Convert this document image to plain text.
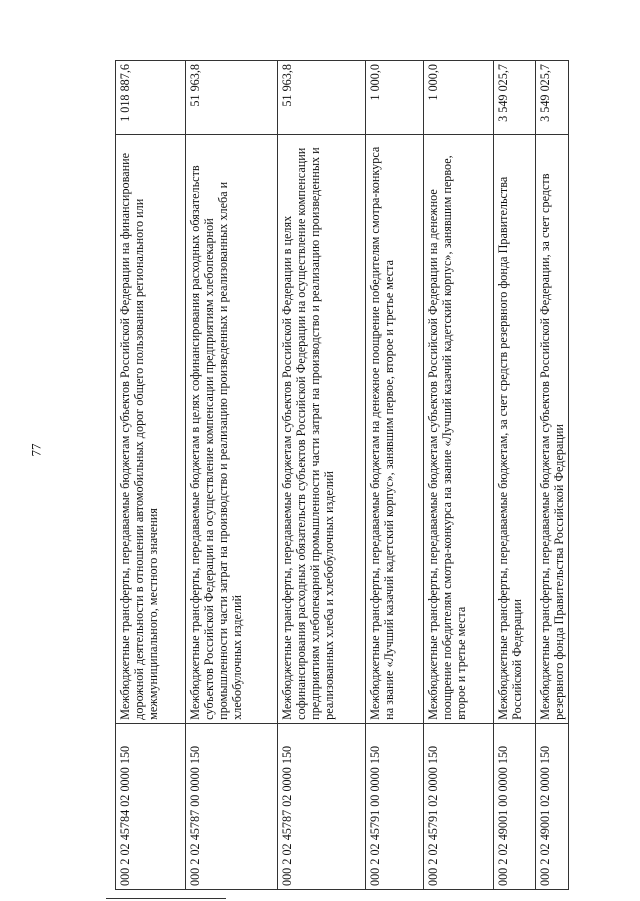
77
000 2 02 45784 02 0000 150	Межбюджетные трансферты, передаваемые бюджетам субъектов Российской Федерации на финансирование дорожной деятельности в отношении автомобильных дорог общего пользования регионального или межмуниципального, местного значения	1 018 887,6
000 2 02 45787 00 0000 150	Межбюджетные трансферты, передаваемые бюджетам в целях софинансирования расходных обязательств субъектов Российской Федерации на осуществление компенсации предприятиям хлебопекарной промышленности части затрат на производство и реализацию произведенных и реализованных хлеба и хлебобулочных изделий	51 963,8
000 2 02 45787 02 0000 150	Межбюджетные трансферты, передаваемые бюджетам субъектов Российской Федерации в целях софинансирования расходных обязательств субъектов Российской Федерации на осуществление компенсации предприятиям хлебопекарной промышленности части затрат на производство и реализацию произведенных и реализованных хлеба и хлебобулочных изделий	51 963,8
000 2 02 45791 00 0000 150	Межбюджетные трансферты, передаваемые бюджетам на денежное поощрение победителям смотра-конкурса на звание «Лучший казачий кадетский корпус», занявшим первое, второе и третье места	1 000,0
000 2 02 45791 02 0000 150	Межбюджетные трансферты, передаваемые бюджетам субъектов Российской Федерации на денежное поощрение победителям смотра-конкурса на звание «Лучший казачий кадетский корпус», занявшим первое, второе и третье места	1 000,0
000 2 02 49001 00 0000 150	Межбюджетные трансферты, передаваемые бюджетам, за счет средств резервного фонда Правительства Российской Федерации	3 549 025,7
000 2 02 49001 02 0000 150	Межбюджетные трансферты, передаваемые бюджетам субъектов Российской Федерации, за счет средств резервного фонда Правительства Российской Федерации	3 549 025,7
